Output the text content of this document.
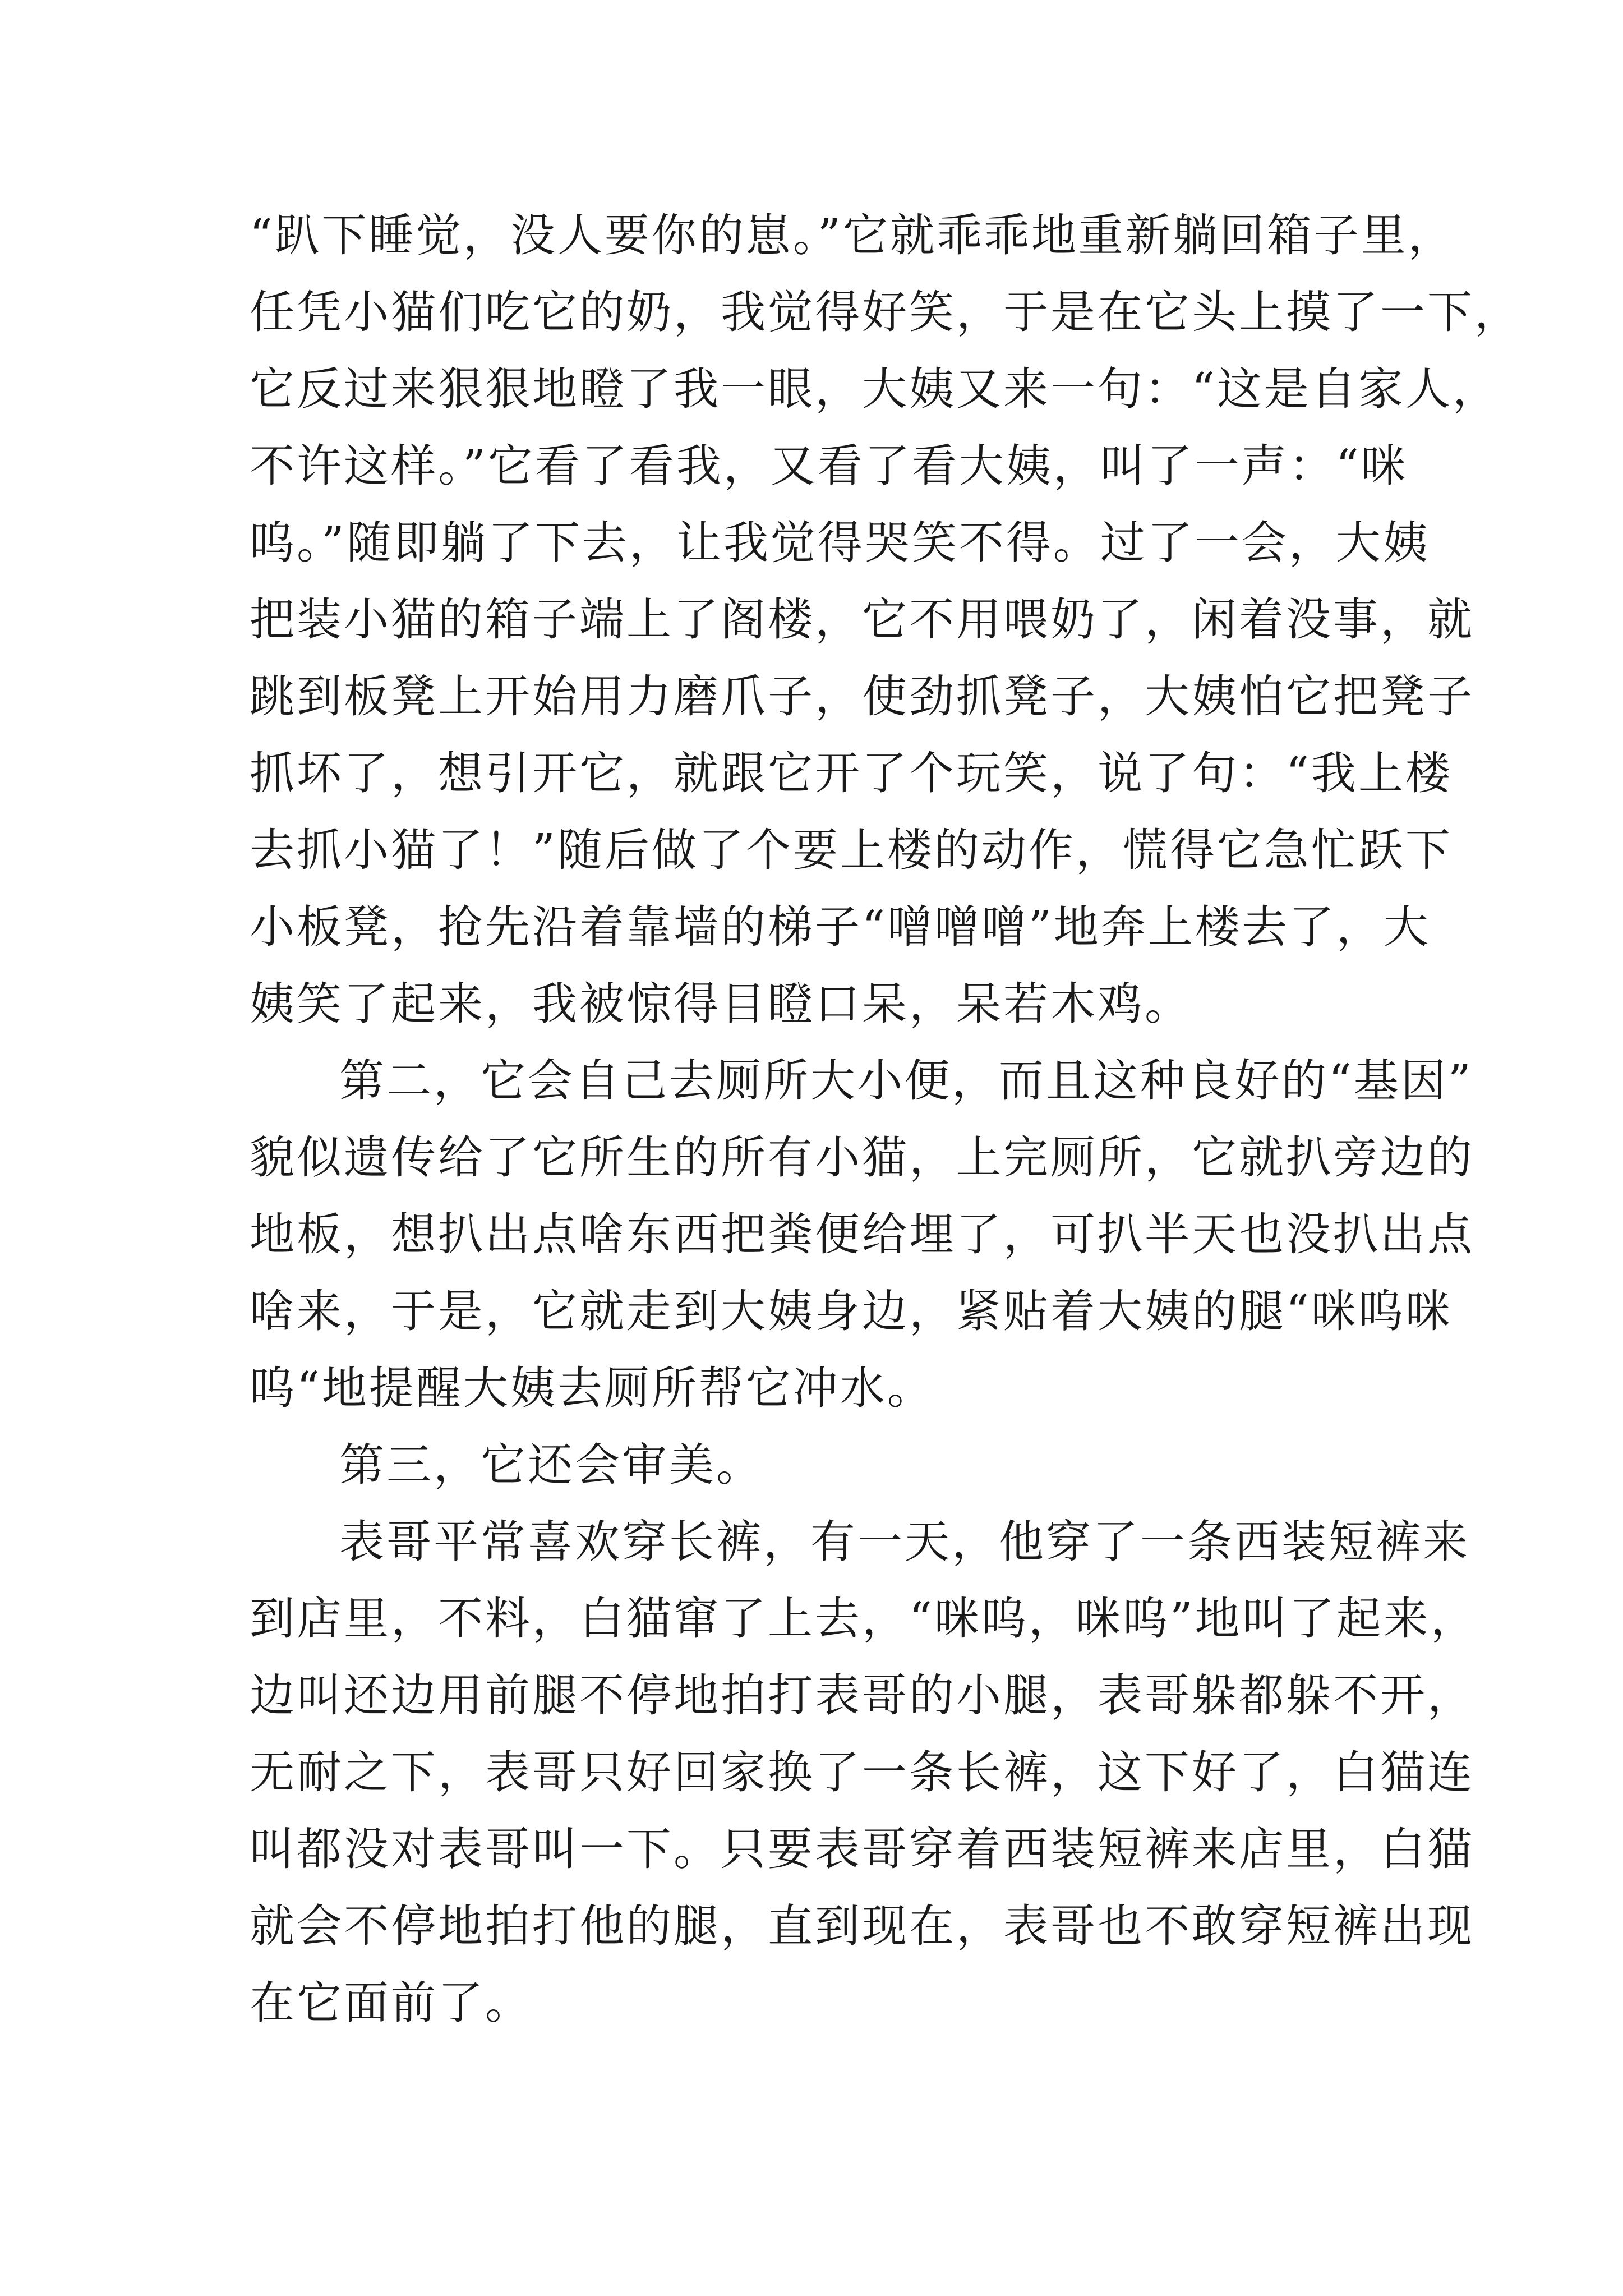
“趴下睡觉，没人要你的崽。”它就乖乖地重新躺回箱子里，
任凭小猫们吃它的奶，我觉得好笑，于是在它头上摸了一下，
它反过来狠狠地瞪了我一眼，大姨又来一句：“这是自家人，
不许这样。”它看了看我，又看了看大姨，叫了一声：“咪
呜。”随即躺了下去，让我觉得哭笑不得。过了一会，大姨
把装小猫的箱子端上了阁楼，它不用喂奶了，闲着没事，就
跳到板凳上开始用力磨爪子，使劲抓凳子，大姨怕它把凳子
抓坏了，想引开它，就跟它开了个玩笑，说了句：“我上楼
去抓小猫了！”随后做了个要上楼的动作，慌得它急忙跃下
小板凳，抢先沿着靠墙的梯子“噌噌噌”地奔上楼去了，大
姨笑了起来，我被惊得目瞪口呆，呆若木鸡。
第二，它会自己去厕所大小便，而且这种良好的“基因”
貌似遗传给了它所生的所有小猫，上完厕所，它就扒旁边的
地板，想扒出点啥东西把粪便给埋了，可扒半天也没扒出点
啥来，于是，它就走到大姨身边，紧贴着大姨的腿“咪呜咪
呜“地提醒大姨去厕所帮它冲水。
第三，它还会审美。
表哥平常喜欢穿长裤，有一天，他穿了一条西装短裤来
到店里，不料，白猫窜了上去，“咪呜，咪呜”地叫了起来，
边叫还边用前腿不停地拍打表哥的小腿，表哥躲都躲不开，
无耐之下，表哥只好回家换了一条长裤，这下好了，白猫连
叫都没对表哥叫一下。只要表哥穿着西装短裤来店里，白猫
就会不停地拍打他的腿，直到现在，表哥也不敢穿短裤出现
在它面前了。
